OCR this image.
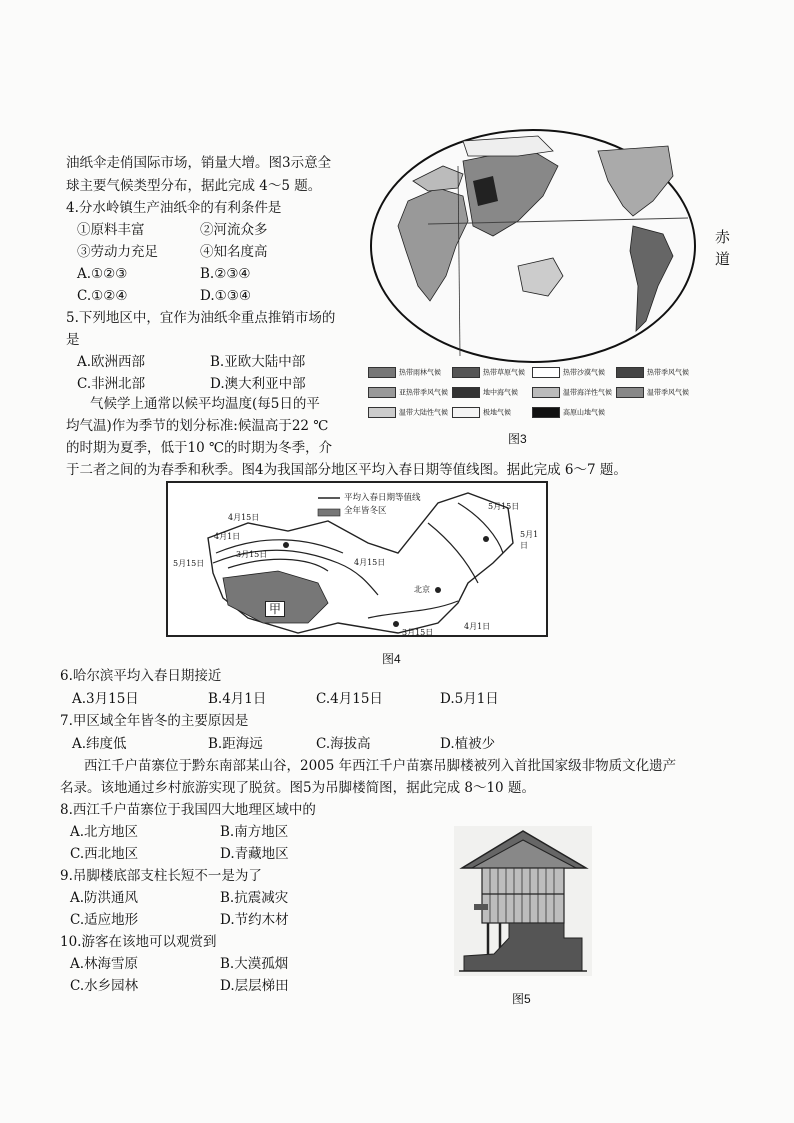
油纸伞走俏国际市场，销量大增。图3示意全
球主要气候类型分布，据此完成 4～5 题。
4.分水岭镇生产油纸伞的有利条件是
①原料丰富	②河流众多
③劳动力充足	④知名度高
A.①②③	B.②③④
C.①②④	D.①③④
5.下列地区中，宜作为油纸伞重点推销市场的
是
A.欧洲西部	B.亚欧大陆中部
C.非洲北部	D.澳大利亚中部
气候学上通常以候平均温度(每5日的平
均气温)作为季节的划分标准:候温高于22 ℃
的时期为夏季，低于10 ℃的时期为冬季，介
于二者之间的为春季和秋季。图4为我国部分地区平均入春日期等值线图。据此完成 6～7 题。
赤道
热带雨林气候	热带草原气候	热带沙漠气候	热带季风气候
亚热带季风气候	地中海气候	温带海洋性气候	温带季风气候
温带大陆性气候	极地气候	高原山地气候
图3
平均入春日期等值线
全年皆冬区
4月15日
4月1日
3月15日
5月15日	4月15日
5月15日
5月1日
北京
4月1日
3月15日
甲
图4
6.哈尔滨平均入春日期接近
A.3月15日	B.4月1日	C.4月15日	D.5月1日
7.甲区域全年皆冬的主要原因是
A.纬度低	B.距海远	C.海拔高	D.植被少
西江千户苗寨位于黔东南部某山谷，2005 年西江千户苗寨吊脚楼被列入首批国家级非物质文化遗产
名录。该地通过乡村旅游实现了脱贫。图5为吊脚楼简图，据此完成 8～10 题。
8.西江千户苗寨位于我国四大地理区域中的
A.北方地区	B.南方地区
C.西北地区	D.青藏地区
9.吊脚楼底部支柱长短不一是为了
A.防洪通风	B.抗震减灾
C.适应地形	D.节约木材
10.游客在该地可以观赏到
A.林海雪原	B.大漠孤烟
C.水乡园林	D.层层梯田
图5
